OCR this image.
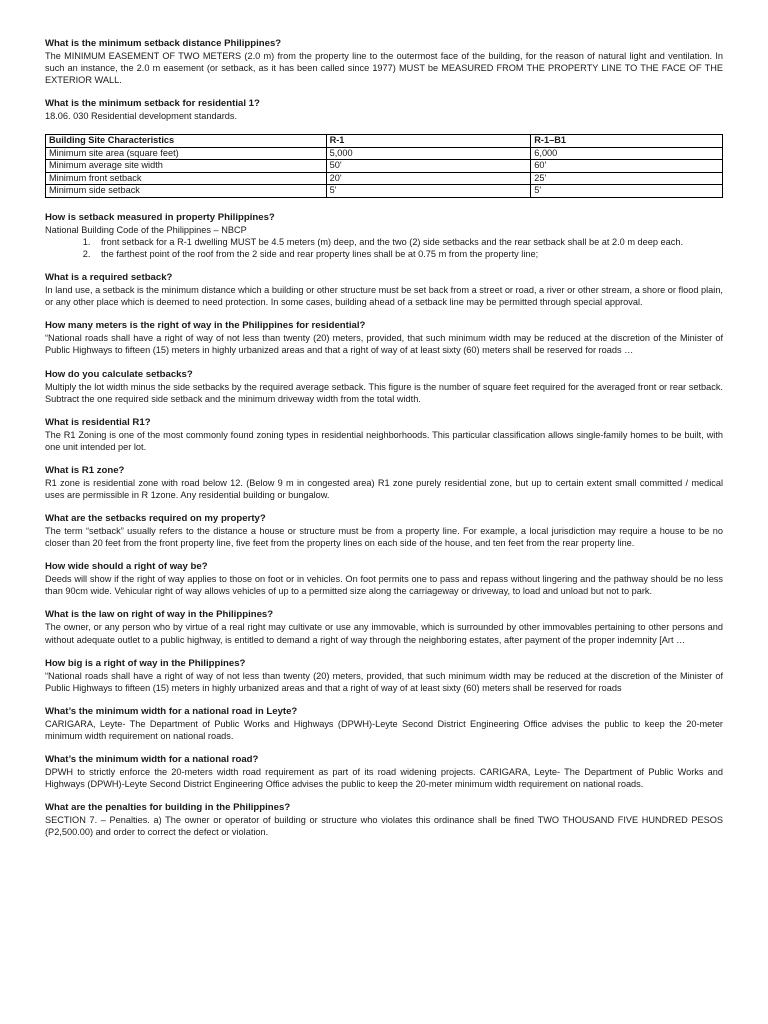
What is the minimum setback distance Philippines?

The MINIMUM EASEMENT OF TWO METERS (2.0 m) from the property line to the outermost face of the building, for the reason of natural light and ventilation. In such an instance, the 2.0 m easement (or setback, as it has been called since 1977) MUST be MEASURED FROM THE PROPERTY LINE TO THE FACE OF THE EXTERIOR WALL.

What is the minimum setback for residential 1?

18.06. 030 Residential development standards.

Building Site Characteristics	R-1	R-1–B1
Minimum site area (square feet)	5,000	6,000
Minimum average site width	50'	60'
Minimum front setback	20'	25'
Minimum side setback	5'	5'

How is setback measured in property Philippines?

National Building Code of the Philippines – NBCP

1. front setback for a R-1 dwelling MUST be 4.5 meters (m) deep, and the two (2) side setbacks and the rear setback shall be at 2.0 m deep each.
2. the farthest point of the roof from the 2 side and rear property lines shall be at 0.75 m from the property line;

What is a required setback?

In land use, a setback is the minimum distance which a building or other structure must be set back from a street or road, a river or other stream, a shore or flood plain, or any other place which is deemed to need protection. In some cases, building ahead of a setback line may be permitted through special approval.

How many meters is the right of way in the Philippines for residential?

“National roads shall have a right of way of not less than twenty (20) meters, provided, that such minimum width may be reduced at the discretion of the Minister of Public Highways to fifteen (15) meters in highly urbanized areas and that a right of way of at least sixty (60) meters shall be reserved for roads …

How do you calculate setbacks?

Multiply the lot width minus the side setbacks by the required average setback. This figure is the number of square feet required for the averaged front or rear setback. Subtract the one required side setback and the minimum driveway width from the total width.

What is residential R1?

The R1 Zoning is one of the most commonly found zoning types in residential neighborhoods. This particular classification allows single-family homes to be built, with one unit intended per lot.

What is R1 zone?

R1 zone is residential zone with road below 12. (Below 9 m in congested area) R1 zone purely residential zone, but up to certain extent small committed / medical uses are permissible in R 1zone. Any residential building or bungalow.

What are the setbacks required on my property?

The term “setback” usually refers to the distance a house or structure must be from a property line. For example, a local jurisdiction may require a house to be no closer than 20 feet from the front property line, five feet from the property lines on each side of the house, and ten feet from the rear property line.

How wide should a right of way be?

Deeds will show if the right of way applies to those on foot or in vehicles. On foot permits one to pass and repass without lingering and the pathway should be no less than 90cm wide. Vehicular right of way allows vehicles of up to a permitted size along the carriageway or driveway, to load and unload but not to park.

What is the law on right of way in the Philippines?

The owner, or any person who by virtue of a real right may cultivate or use any immovable, which is surrounded by other immovables pertaining to other persons and without adequate outlet to a public highway, is entitled to demand a right of way through the neighboring estates, after payment of the proper indemnity [Art …

How big is a right of way in the Philippines?

“National roads shall have a right of way of not less than twenty (20) meters, provided, that such minimum width may be reduced at the discretion of the Minister of Public Highways to fifteen (15) meters in highly urbanized areas and that a right of way of at least sixty (60) meters shall be reserved for roads

What’s the minimum width for a national road in Leyte?

CARIGARA, Leyte- The Department of Public Works and Highways (DPWH)-Leyte Second District Engineering Office advises the public to keep the 20-meter minimum width requirement on national roads.

What’s the minimum width for a national road?

DPWH to strictly enforce the 20-meters width road requirement as part of its road widening projects. CARIGARA, Leyte- The Department of Public Works and Highways (DPWH)-Leyte Second District Engineering Office advises the public to keep the 20-meter minimum width requirement on national roads.

What are the penalties for building in the Philippines?

SECTION 7. – Penalties. a) The owner or operator of building or structure who violates this ordinance shall be fined TWO THOUSAND FIVE HUNDRED PESOS (P2,500.00) and order to correct the defect or violation.
